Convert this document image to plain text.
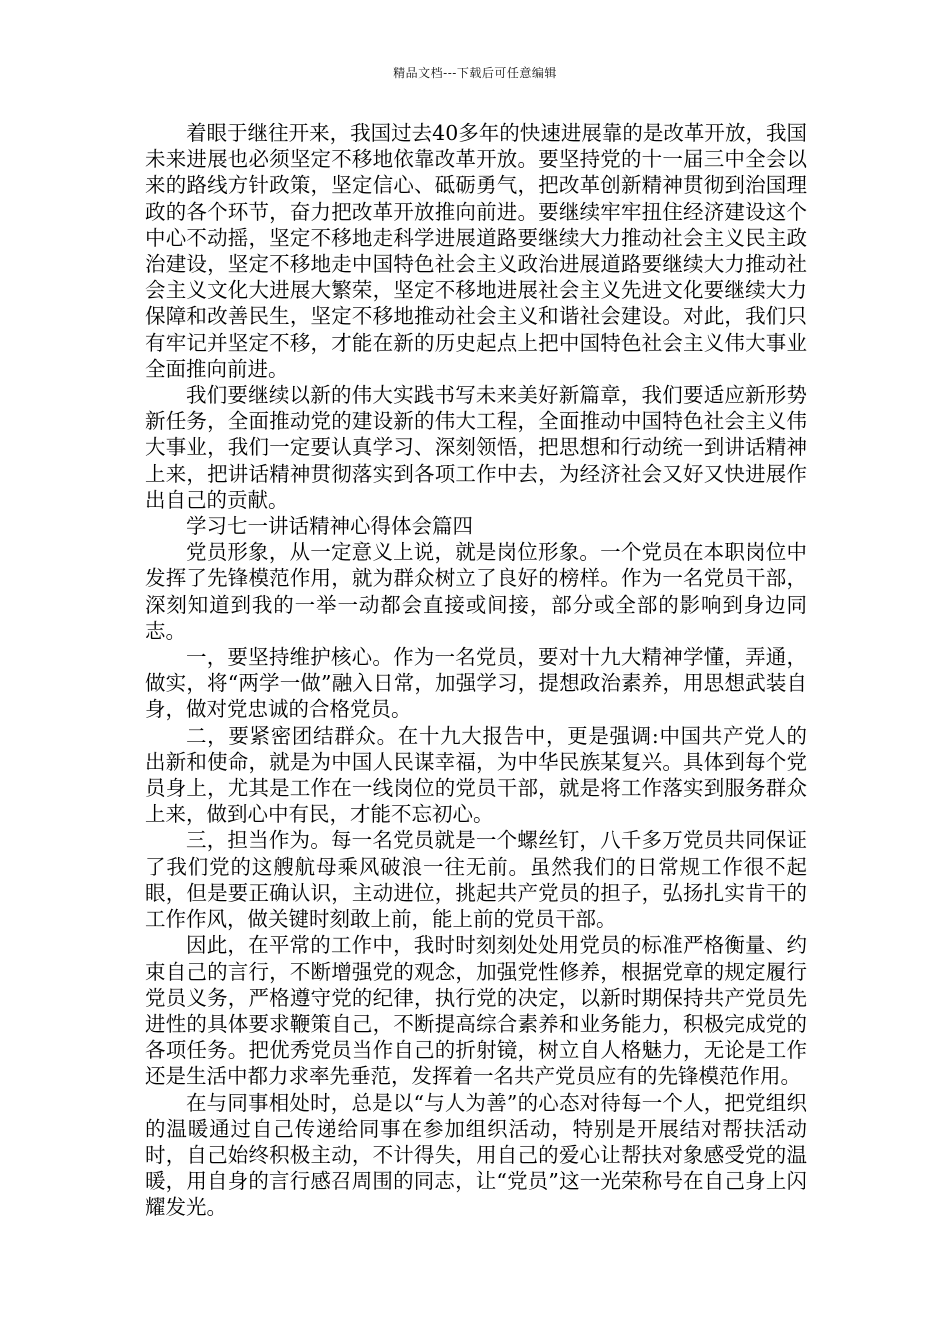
精品文档---下载后可任意编辑

着眼于继往开来，我国过去40多年的快速进展靠的是改革开放，我国未来进展也必须坚定不移地依靠改革开放。要坚持党的十一届三中全会以来的路线方针政策，坚定信心、砥砺勇气，把改革创新精神贯彻到治国理政的各个环节，奋力把改革开放推向前进。要继续牢牢扭住经济建设这个中心不动摇，坚定不移地走科学进展道路要继续大力推动社会主义民主政治建设，坚定不移地走中国特色社会主义政治进展道路要继续大力推动社会主义文化大进展大繁荣，坚定不移地进展社会主义先进文化要继续大力保障和改善民生，坚定不移地推动社会主义和谐社会建设。对此，我们只有牢记并坚定不移，才能在新的历史起点上把中国特色社会主义伟大事业全面推向前进。

我们要继续以新的伟大实践书写未来美好新篇章，我们要适应新形势新任务，全面推动党的建设新的伟大工程，全面推动中国特色社会主义伟大事业，我们一定要认真学习、深刻领悟，把思想和行动统一到讲话精神上来，把讲话精神贯彻落实到各项工作中去，为经济社会又好又快进展作出自己的贡献。

学习七一讲话精神心得体会篇四

党员形象，从一定意义上说，就是岗位形象。一个党员在本职岗位中发挥了先锋模范作用，就为群众树立了良好的榜样。作为一名党员干部，深刻知道到我的一举一动都会直接或间接，部分或全部的影响到身边同志。

一，要坚持维护核心。作为一名党员，要对十九大精神学懂，弄通，做实，将“两学一做”融入日常，加强学习，提想政治素养，用思想武装自身，做对党忠诚的合格党员。

二，要紧密团结群众。在十九大报告中，更是强调:中国共产党人的出新和使命，就是为中国人民谋幸福，为中华民族某复兴。具体到每个党员身上，尤其是工作在一线岗位的党员干部，就是将工作落实到服务群众上来，做到心中有民，才能不忘初心。

三，担当作为。每一名党员就是一个螺丝钉，八千多万党员共同保证了我们党的这艘航母乘风破浪一往无前。虽然我们的日常规工作很不起眼，但是要正确认识，主动进位，挑起共产党员的担子，弘扬扎实肯干的工作作风，做关键时刻敢上前，能上前的党员干部。

因此，在平常的工作中，我时时刻刻处处用党员的标准严格衡量、约束自己的言行，不断增强党的观念，加强党性修养，根据党章的规定履行党员义务，严格遵守党的纪律，执行党的决定，以新时期保持共产党员先进性的具体要求鞭策自己，不断提高综合素养和业务能力，积极完成党的各项任务。把优秀党员当作自己的折射镜，树立自人格魅力，无论是工作还是生活中都力求率先垂范，发挥着一名共产党员应有的先锋模范作用。

在与同事相处时，总是以“与人为善”的心态对待每一个人，把党组织的温暖通过自己传递给同事在参加组织活动，特别是开展结对帮扶活动时，自己始终积极主动，不计得失，用自己的爱心让帮扶对象感受党的温暖，用自身的言行感召周围的同志，让“党员”这一光荣称号在自己身上闪耀发光。
